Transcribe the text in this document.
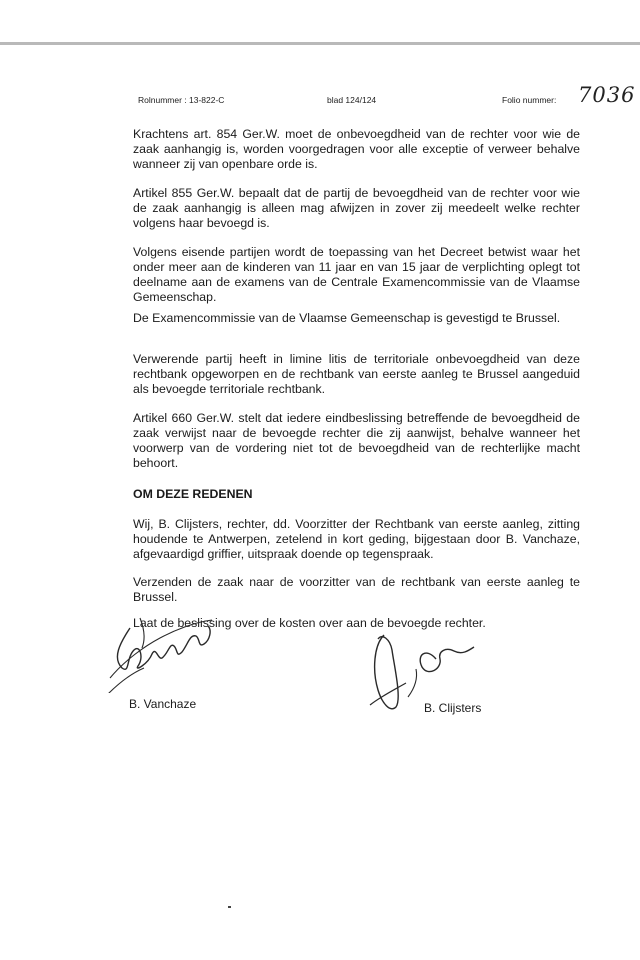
Rolnummer : 13-822-C	blad 124/124	Folio nummer: 7036

Krachtens art. 854 Ger.W. moet de onbevoegdheid van de rechter voor wie de zaak aanhangig is, worden voorgedragen voor alle exceptie of verweer behalve wanneer zij van openbare orde is.

Artikel 855 Ger.W. bepaalt dat de partij de bevoegdheid van de rechter voor wie de zaak aanhangig is alleen mag afwijzen in zover zij meedeelt welke rechter volgens haar bevoegd is.

Volgens eisende partijen wordt de toepassing van het Decreet betwist waar het onder meer aan de kinderen van 11 jaar en van 15 jaar de verplichting oplegt tot deelname aan de examens van de Centrale Examencommissie van de Vlaamse Gemeenschap.

De Examencommissie van de Vlaamse Gemeenschap is gevestigd te Brussel.

Verwerende partij heeft in limine litis de territoriale onbevoegdheid van deze rechtbank opgeworpen en de rechtbank van eerste aanleg te Brussel aangeduid als bevoegde territoriale rechtbank.

Artikel 660 Ger.W. stelt dat iedere eindbeslissing betreffende de bevoegdheid de zaak verwijst naar de bevoegde rechter die zij aanwijst, behalve wanneer het voorwerp van de vordering niet tot de bevoegdheid van de rechterlijke macht behoort.

OM DEZE REDENEN

Wij, B. Clijsters, rechter, dd. Voorzitter der Rechtbank van eerste aanleg, zitting houdende te Antwerpen, zetelend in kort geding, bijgestaan door B. Vanchaze, afgevaardigd griffier, uitspraak doende op tegenspraak.

Verzenden de zaak naar de voorzitter van de rechtbank van eerste aanleg te Brussel.

Laat de beslissing over de kosten over aan de bevoegde rechter.

B. Vanchaze	B. Clijsters
